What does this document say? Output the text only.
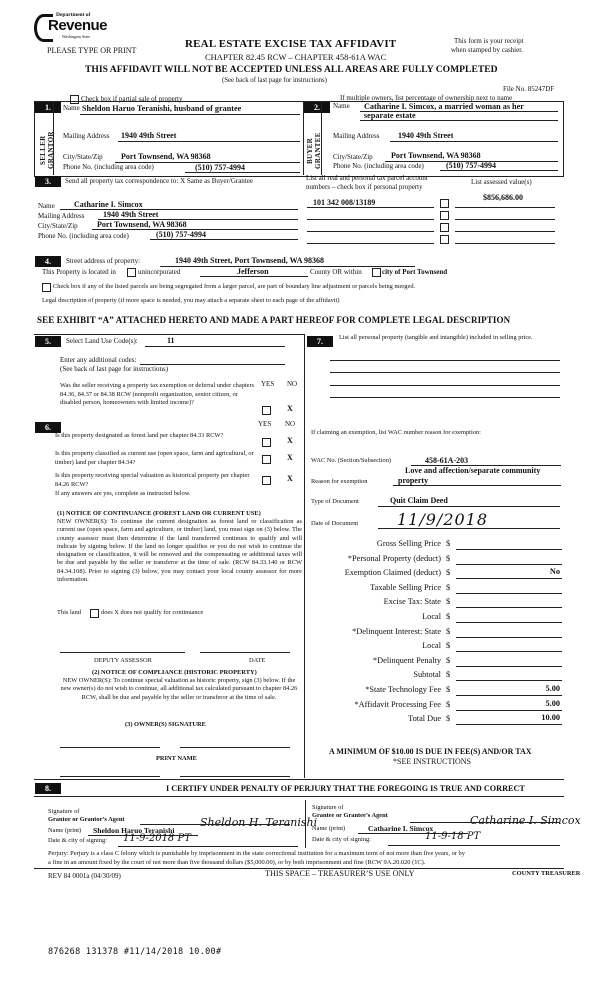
Department of
Revenue
Washington State
PLEASE TYPE OR PRINT
REAL ESTATE EXCISE TAX AFFIDAVIT
CHAPTER 82.45 RCW – CHAPTER 458-61A WAC
THIS AFFIDAVIT WILL NOT BE ACCEPTED UNLESS ALL AREAS ARE FULLY COMPLETED
(See back of last page for instructions)
This form is your receipt
when stamped by cashier.
File No. 85247DF
Check box if partial sale of property	If multiple owners, list percentage of ownership next to name
1.
SELLER GRANTOR
Name Sheldon Haruo Teranishi, husband of grantee
Mailing Address 1940 49th Street
City/State/Zip Port Townsend, WA 98368
Phone No. (including area code)	(510) 757-4994
2.
BUYER GRANTEE
Name Catharine I. Simcox, a married woman as her
separate estate
Mailing Address 1940 49th Street
City/State/Zip Port Townsend, WA 98368
Phone No. (including area code)	(510) 757-4994
3.	Send all property tax correspondence to: X Same as Buyer/Grantee	List all real and personal tax parcel account
numbers – check box if personal property
List assessed value(s)
$856,686.00
101 342 008/13189
Name Catharine I. Simcox
Mailing Address 1940 49th Street
City/State/Zip Port Townsend, WA 98368
Phone No. (including area code)	(510) 757-4994
4.	Street address of property:	1940 49th Street, Port Townsend, WA 98368
This Property is located in	unincorporated	Jefferson	County OR within	city of Port Townsend
Check box if any of the listed parcels are being segregated from a larger parcel, are part of boundary line adjustment or parcels being merged.
Legal description of property (if more space is needed, you may attach a separate sheet to each page of the affidavit)
SEE EXHIBIT “A” ATTACHED HERETO AND MADE A PART HEREOF FOR COMPLETE LEGAL DESCRIPTION
5.	Select Land Use Code(s):	11
Enter any additional codes:
(See back of last page for instructions)
YES NO
Was the seller receiving a property tax exemption or deferral under chapters 84.36, 84.37 or 84.38 RCW (nonprofit organization, senior citizen, or disabled person, homeowners with limited income)?
X
6.	YES NO
Is this property designated as forest land per chapter 84.33 RCW?
X
Is this property classified as current use (open space, farm and agricultural, or timber) land per chapter 84.34?
X
Is this property receiving special valuation as historical property per chapter 84.26 RCW?
X
If any answers are yes, complete as instructed below.
(1) NOTICE OF CONTINUANCE (FOREST LAND OR CURRENT USE)
NEW OWNER(S): To continue the current designation as forest land or classification as current use (open space, farm and agriculture, or timber) land, you must sign on (3) below. The county assessor must then determine if the land transferred continues to qualify and will indicate by signing below. If the land no longer qualifies or you do not wish to continue the designation or classification, it will be removed and the compensating or additional taxes will be due and payable by the seller or transferor at the time of sale. (RCW 84.33.140 or RCW 84.34.108). Prior to signing (3) below, you may contact your local county assessor for more information.
This land	does X does not qualify for continuance
DEPUTY ASSESSOR	DATE
(2) NOTICE OF COMPLIANCE (HISTORIC PROPERTY)
NEW OWNER(S): To continue special valuation as historic property, sign (3) below. If the new owner(s) do not wish to continue, all additional tax calculated pursuant to chapter 84.26 RCW, shall be due and payable by the seller or transferor at the time of sale.
(3) OWNER(S) SIGNATURE
PRINT NAME
7.	List all personal property (tangible and intangible) included in selling price.
If claiming an exemption, list WAC number reason for exemption:
WAC No. (Section/Subsection)	458-61A-203
Love and affection/separate community
Reason for exemption	property
Type of Document	Quit Claim Deed
Date of Document 11/9/2018
Gross Selling Price $
*Personal Property (deduct) $
Exemption Claimed (deduct) $	No
Taxable Selling Price $
Excise Tax: State $
Local $
*Delinquent Interest: State $
Local $
*Delinquent Penalty $
Subtotal $
*State Technology Fee $	5.00
*Affidavit Processing Fee $	5.00
Total Due $	10.00
A MINIMUM OF $10.00 IS DUE IN FEE(S) AND/OR TAX
*SEE INSTRUCTIONS
8.	I CERTIFY UNDER PENALTY OF PERJURY THAT THE FOREGOING IS TRUE AND CORRECT
Signature of
Grantor or Grantor’s Agent	Sheldon H. Teranishi
Name (print) Sheldon Haruo Teranishi
Date & city of signing: 11-9-2018 PT
Signature of
Grantee or Grantee’s Agent	Catharine I. Simcox
Name (print)	Catharine I. Simcox
Date & city of signing:	11-9-18 PT
Perjury: Perjury is a class C felony which is punishable by imprisonment in the state correctional institution for a maximum term of not more than five years, or by
a fine in an amount fixed by the court of not more than five thousand dollars ($5,000.00), or by both imprisonment and fine (RCW 9A.20.020 (1C).
REV 84 0001a (04/30/09)	THIS SPACE – TREASURER’S USE ONLY	COUNTY TREASURER
876268 131378 #11/14/2018 10.00#
